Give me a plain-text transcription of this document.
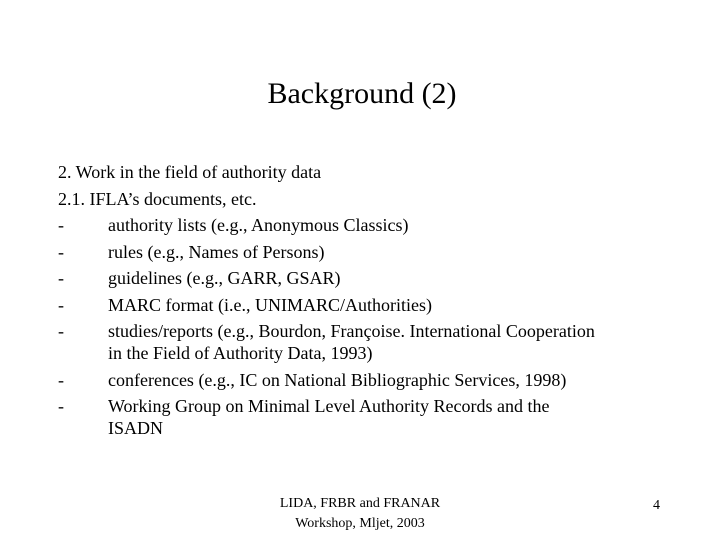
Background (2)
2. Work in the field of authority data
2.1. IFLA’s documents, etc.
-	authority lists (e.g., Anonymous Classics)
-	rules (e.g., Names of Persons)
-	guidelines (e.g., GARR, GSAR)
-	MARC format (i.e., UNIMARC/Authorities)
-	studies/reports (e.g., Bourdon, Françoise. International Cooperation
in the Field of Authority Data, 1993)
-	conferences (e.g., IC on National Bibliographic Services, 1998)
-	Working Group on Minimal Level Authority Records and the
ISADN
LIDA, FRBR and FRANAR
Workshop, Mljet, 2003
4
